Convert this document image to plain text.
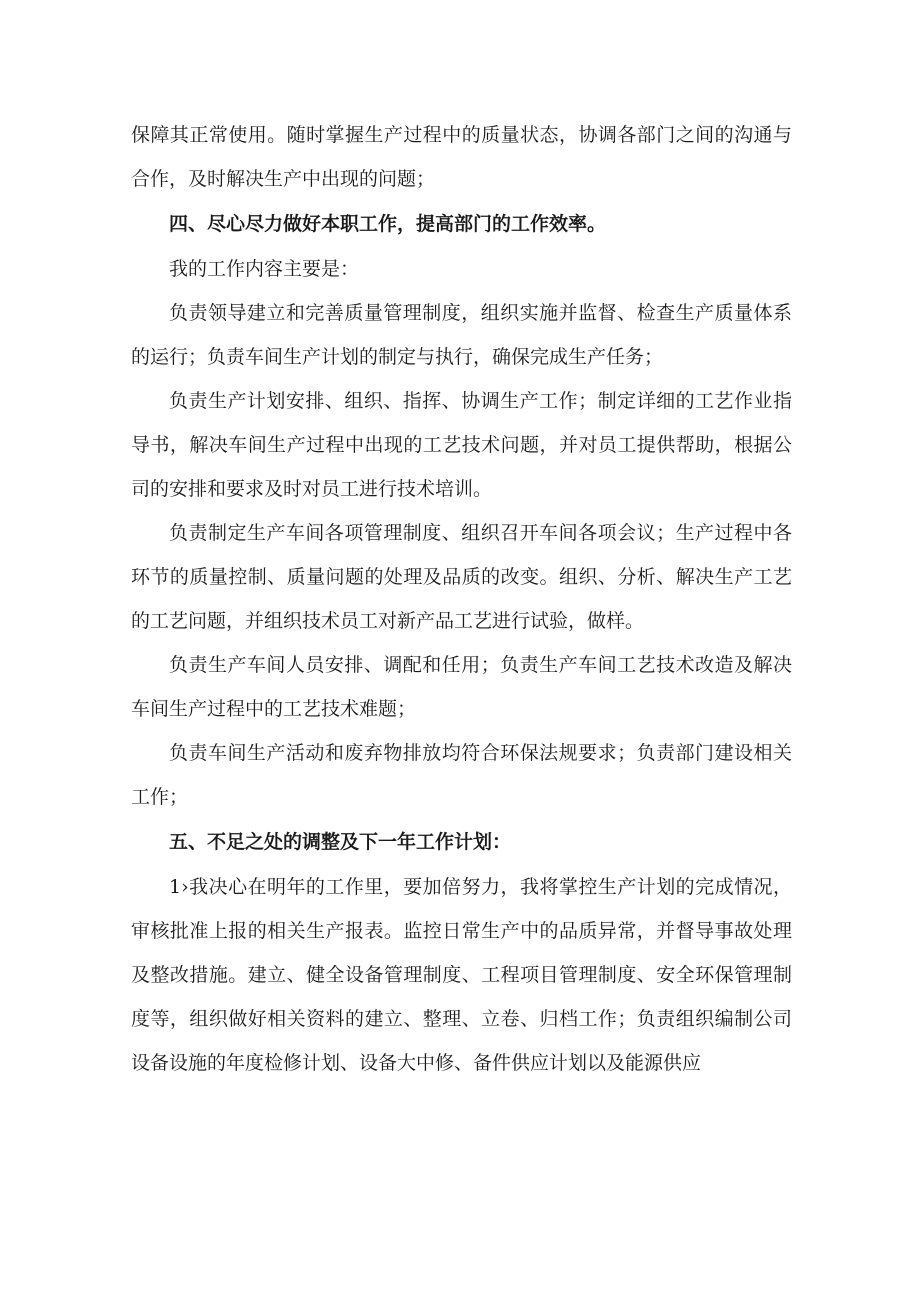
保障其正常使用。随时掌握生产过程中的质量状态，协调各部门之间的沟通与合作，及时解决生产中出现的问题；

四、尽心尽力做好本职工作，提高部门的工作效率。

我的工作内容主要是：

负责领导建立和完善质量管理制度，组织实施并监督、检查生产质量体系的运行；负责车间生产计划的制定与执行，确保完成生产任务；

负责生产计划安排、组织、指挥、协调生产工作；制定详细的工艺作业指导书，解决车间生产过程中出现的工艺技术问题，并对员工提供帮助，根据公司的安排和要求及时对员工进行技术培训。

负责制定生产车间各项管理制度、组织召开车间各项会议；生产过程中各环节的质量控制、质量问题的处理及品质的改变。组织、分析、解决生产工艺的工艺问题，并组织技术员工对新产品工艺进行试验，做样。

负责生产车间人员安排、调配和任用；负责生产车间工艺技术改造及解决车间生产过程中的工艺技术难题；

负责车间生产活动和废弃物排放均符合环保法规要求；负责部门建设相关工作；

五、不足之处的调整及下一年工作计划：

1›我决心在明年的工作里，要加倍努力，我将掌控生产计划的完成情况，审核批准上报的相关生产报表。监控日常生产中的品质异常，并督导事故处理及整改措施。建立、健全设备管理制度、工程项目管理制度、安全环保管理制度等，组织做好相关资料的建立、整理、立卷、归档工作；负责组织编制公司设备设施的年度检修计划、设备大中修、备件供应计划以及能源供应
